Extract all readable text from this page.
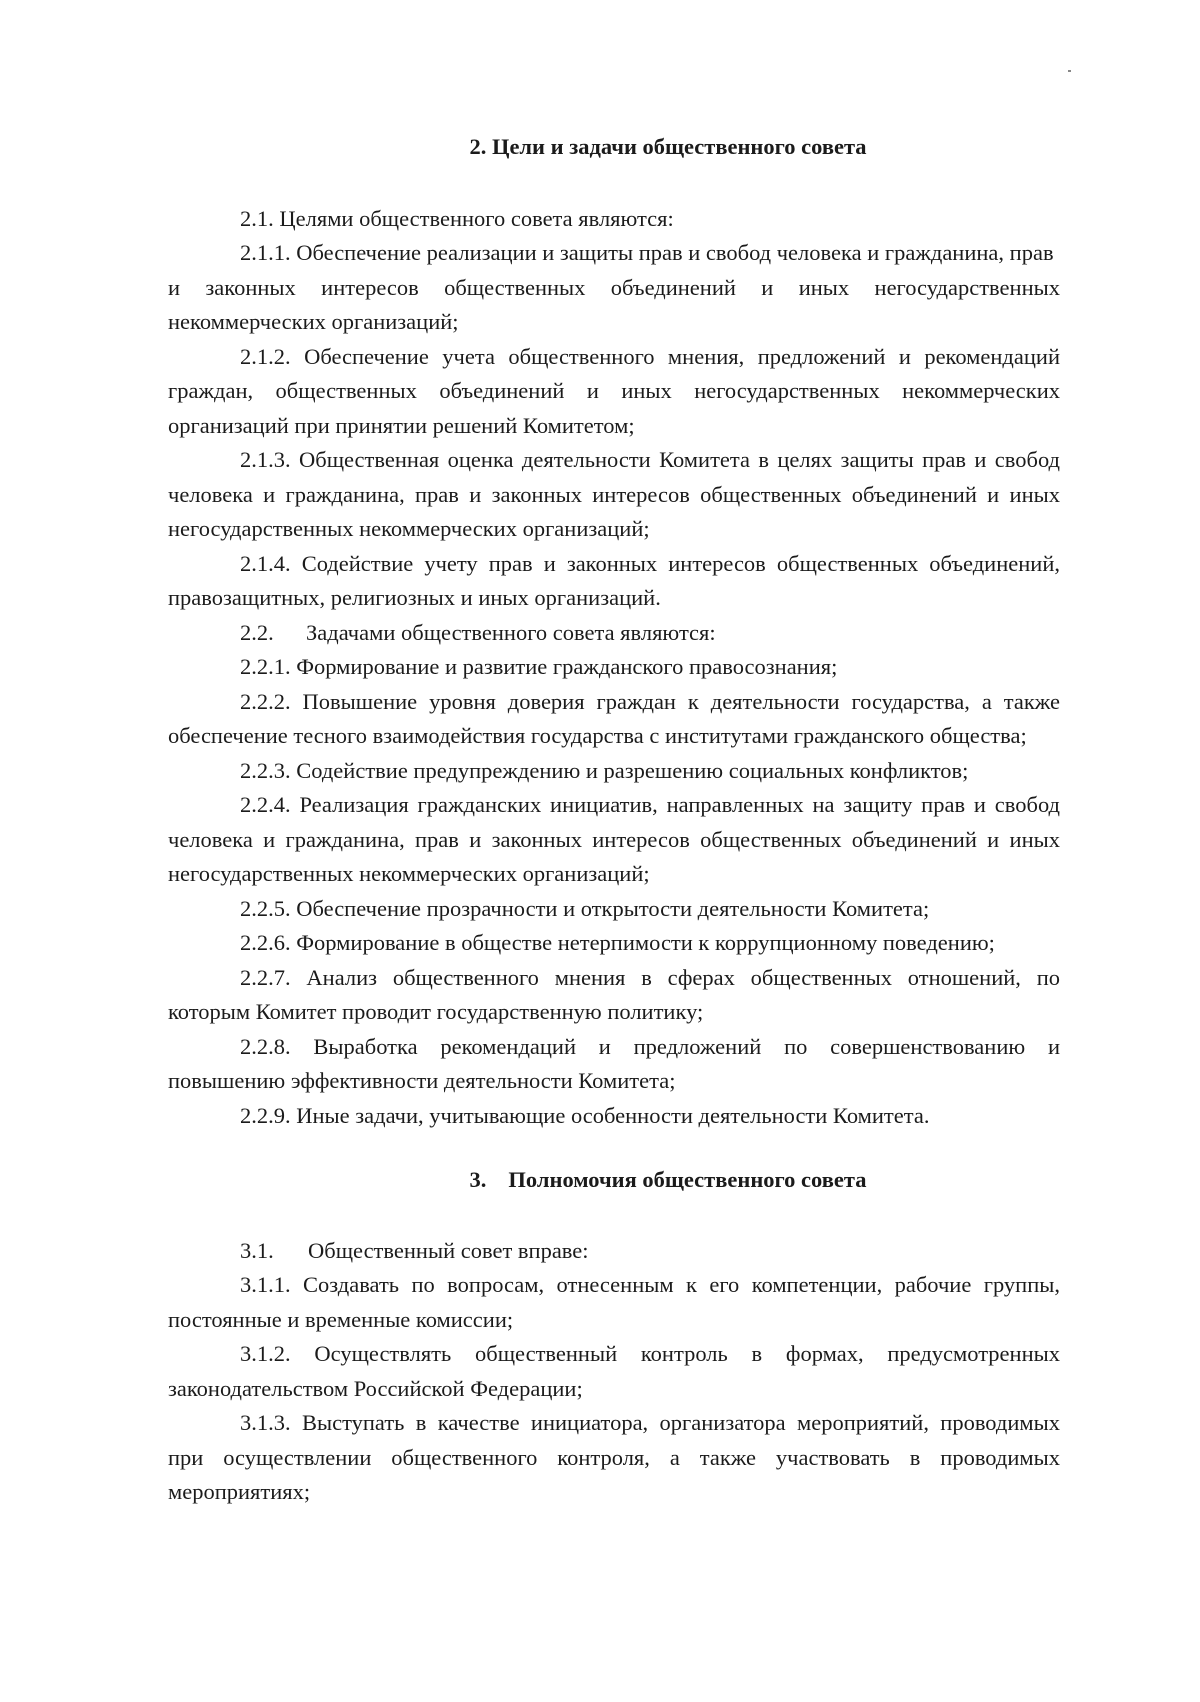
2. Цели и задачи общественного совета

2.1. Целями общественного совета являются:

2.1.1. Обеспечение реализации и защиты прав и свобод человека и гражданина, прав

и законных интересов общественных объединений и иных негосударственных некоммерческих организаций;

2.1.2. Обеспечение учета общественного мнения, предложений и рекомендаций граждан, общественных объединений и иных негосударственных некоммерческих организаций при принятии решений Комитетом;

2.1.3. Общественная оценка деятельности Комитета в целях защиты прав и свобод человека и гражданина, прав и законных интересов общественных объединений и иных негосударственных некоммерческих организаций;

2.1.4. Содействие учету прав и законных интересов общественных объединений, правозащитных, религиозных и иных организаций.

2.2. Задачами общественного совета являются:

2.2.1. Формирование и развитие гражданского правосознания;

2.2.2. Повышение уровня доверия граждан к деятельности государства, а также обеспечение тесного взаимодействия государства с институтами гражданского общества;

2.2.3. Содействие предупреждению и разрешению социальных конфликтов;

2.2.4. Реализация гражданских инициатив, направленных на защиту прав и свобод человека и гражданина, прав и законных интересов общественных объединений и иных негосударственных некоммерческих организаций;

2.2.5. Обеспечение прозрачности и открытости деятельности Комитета;

2.2.6. Формирование в обществе нетерпимости к коррупционному поведению;

2.2.7. Анализ общественного мнения в сферах общественных отношений, по которым Комитет проводит государственную политику;

2.2.8. Выработка рекомендаций и предложений по совершенствованию и повышению эффективности деятельности Комитета;

2.2.9. Иные задачи, учитывающие особенности деятельности Комитета.

3. Полномочия общественного совета

3.1. Общественный совет вправе:

3.1.1. Создавать по вопросам, отнесенным к его компетенции, рабочие группы, постоянные и временные комиссии;

3.1.2. Осуществлять общественный контроль в формах, предусмотренных законодательством Российской Федерации;

3.1.3. Выступать в качестве инициатора, организатора мероприятий, проводимых при осуществлении общественного контроля, а также участвовать в проводимых мероприятиях;
